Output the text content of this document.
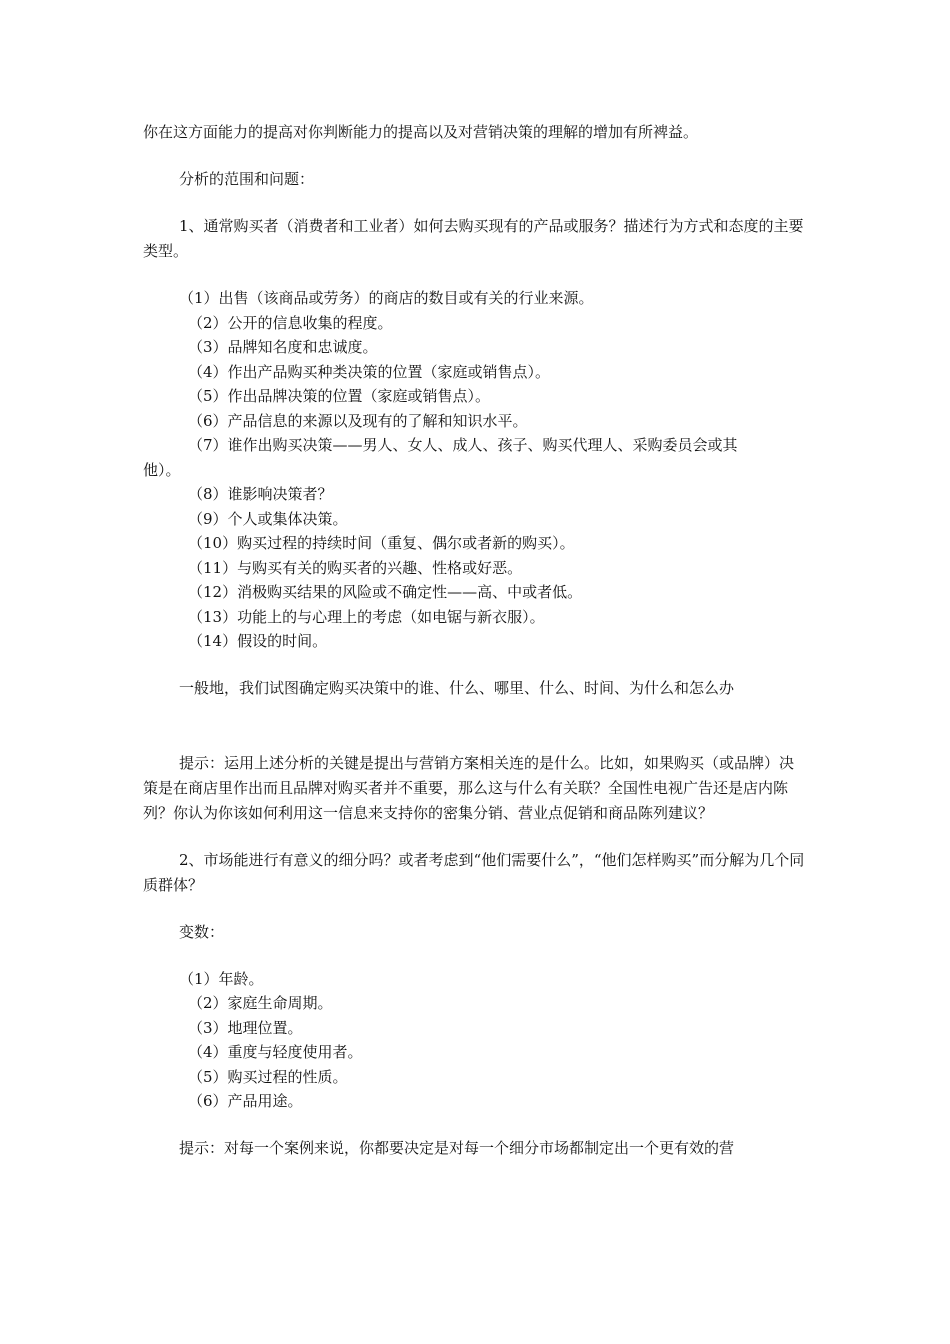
你在这方面能力的提高对你判断能力的提高以及对营销决策的理解的增加有所裨益。

分析的范围和问题：

1、通常购买者（消费者和工业者）如何去购买现有的产品或服务？描述行为方式和态度的主要类型。

（1）出售（该商品或劳务）的商店的数目或有关的行业来源。
（2）公开的信息收集的程度。
（3）品牌知名度和忠诚度。
（4）作出产品购买种类决策的位置（家庭或销售点）。
（5）作出品牌决策的位置（家庭或销售点）。
（6）产品信息的来源以及现有的了解和知识水平。
（7）谁作出购买决策——男人、女人、成人、孩子、购买代理人、采购委员会或其
他）。
（8）谁影响决策者？
（9）个人或集体决策。
（10）购买过程的持续时间（重复、偶尔或者新的购买）。
（11）与购买有关的购买者的兴趣、性格或好恶。
（12）消极购买结果的风险或不确定性——高、中或者低。
（13）功能上的与心理上的考虑（如电锯与新衣服）。
（14）假设的时间。

一般地，我们试图确定购买决策中的谁、什么、哪里、什么、时间、为什么和怎么办

提示：运用上述分析的关键是提出与营销方案相关连的是什么。比如，如果购买（或品牌）决策是在商店里作出而且品牌对购买者并不重要，那么这与什么有关联？全国性电视广告还是店内陈列？你认为你该如何利用这一信息来支持你的密集分销、营业点促销和商品陈列建议？

2、市场能进行有意义的细分吗？或者考虑到“他们需要什么”，“他们怎样购买”而分解为几个同质群体？

变数：

（1）年龄。
（2）家庭生命周期。
（3）地理位置。
（4）重度与轻度使用者。
（5）购买过程的性质。
（6）产品用途。

提示：对每一个案例来说，你都要决定是对每一个细分市场都制定出一个更有效的营
